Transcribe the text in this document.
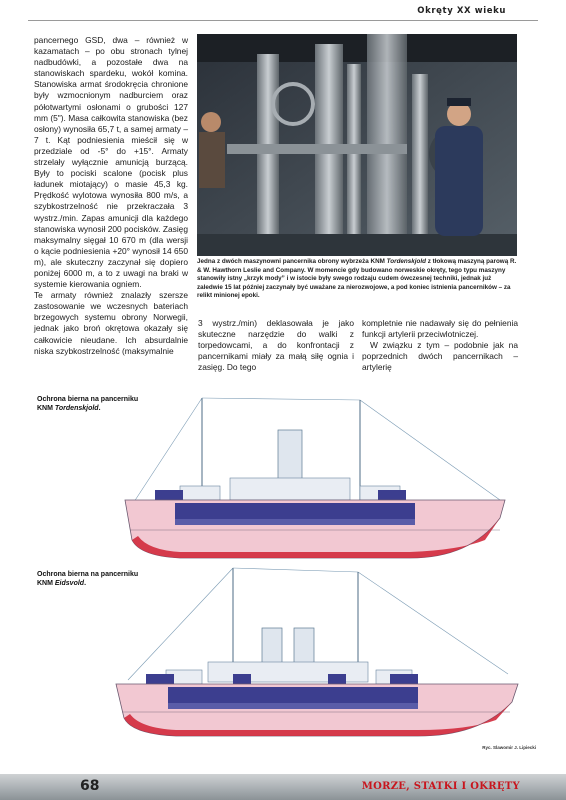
Okręty XX wieku

pancernego GSD, dwa – również w kazamatach – po obu stronach tylnej nadbudówki, a pozostałe dwa na stanowiskach spardeku, wokół komina. Stanowiska armat środokręcia chronione były wzmocnionym nadburciem oraz półotwartymi osłonami o grubości 127 mm (5"). Masa całkowita stanowiska (bez osłony) wynosiła 65,7 t, a samej armaty – 7 t. Kąt podniesienia mieścił się w przedziale od -5° do +15°. Armaty strzelały wyłącznie amunicją burzącą. Były to pociski scalone (pocisk plus ładunek miotający) o masie 45,3 kg. Prędkość wylotowa wynosiła 800 m/s, a szybkostrzelność nie przekraczała 3 wystrz./min. Zapas amunicji dla każdego stanowiska wynosił 200 pocisków. Zasięg maksymalny sięgał 10 670 m (dla wersji o kącie podniesienia +20° wynosił 14 650 m), ale skuteczny zaczynał się dopiero poniżej 6000 m, a to z uwagi na braki w systemie kierowania ogniem.

Te armaty również znalazły szersze zastosowanie we wczesnych bateriach brzegowych systemu obrony Norwegii, jednak jako broń okrętowa okazały się całkowicie nieudane. Ich absurdalnie niska szybkostrzelność (maksymalnie

Jedna z dwóch maszynowni pancernika obrony wybrzeża KNM Tordenskjold z tłokową maszyną parową R. & W. Hawthorn Leslie and Company. W momencie gdy budowano norweskie okręty, tego typu maszyny stanowiły istny „krzyk mody” i w istocie były swego rodzaju cudem ówczesnej techniki, jednak już zaledwie 15 lat później zaczynały być uważane za nierozwojowe, a pod koniec istnienia pancerników – za relikt minionej epoki.
3 wystrz./min) deklasowała je jako skuteczne narzędzie do walki z torpedowcami, a do konfrontacji z pancernikami miały za małą siłę ognia i zasięg. Do tego
kompletnie nie nadawały się do pełnienia funkcji artylerii przeciwlotniczej.
W związku z tym – podobnie jak na poprzednich dwóch pancernikach – artylerię
Ochrona bierna na pancerniku
KNM Tordenskjold.
Ochrona bierna na pancerniku
KNM Eidsvold.
Ryc. Slawomir J. Lipiecki
68	MORZE, STATKI I OKRĘTY
